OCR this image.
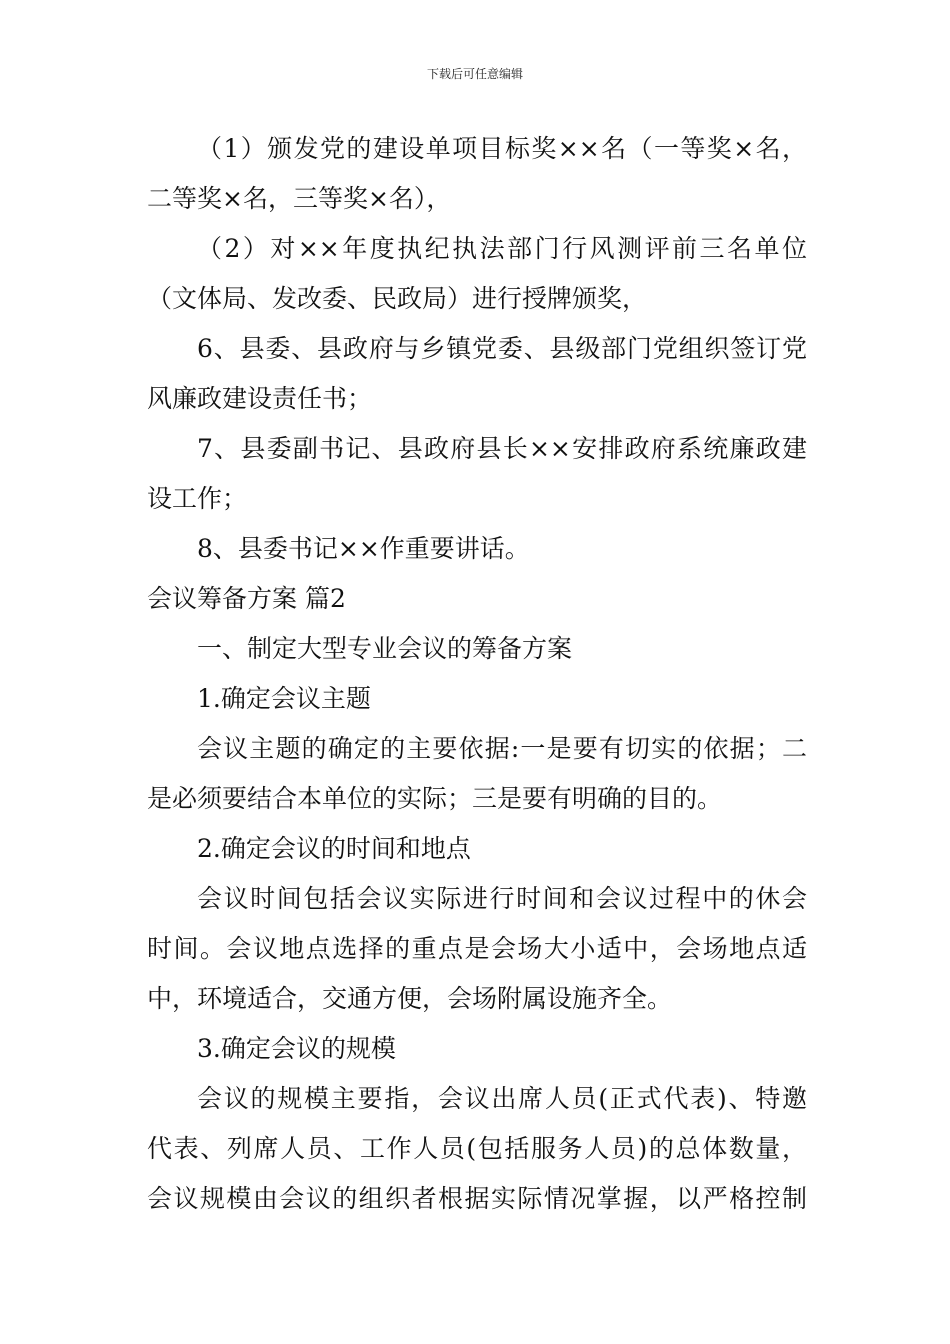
下载后可任意编辑
（1）颁发党的建设单项目标奖××名（一等奖×名，
二等奖×名，三等奖×名），
（2）对××年度执纪执法部门行风测评前三名单位
（文体局、发改委、民政局）进行授牌颁奖，
6、县委、县政府与乡镇党委、县级部门党组织签订党
风廉政建设责任书；
7、县委副书记、县政府县长××安排政府系统廉政建
设工作；
8、县委书记××作重要讲话。
会议筹备方案 篇2
一、制定大型专业会议的筹备方案
1.确定会议主题
会议主题的确定的主要依据:一是要有切实的依据；二
是必须要结合本单位的实际；三是要有明确的目的。
2.确定会议的时间和地点
会议时间包括会议实际进行时间和会议过程中的休会
时间。会议地点选择的重点是会场大小适中，会场地点适
中，环境适合，交通方便，会场附属设施齐全。
3.确定会议的规模
会议的规模主要指，会议出席人员(正式代表)、特邀
代表、列席人员、工作人员(包括服务人员)的总体数量，
会议规模由会议的组织者根据实际情况掌握，以严格控制
